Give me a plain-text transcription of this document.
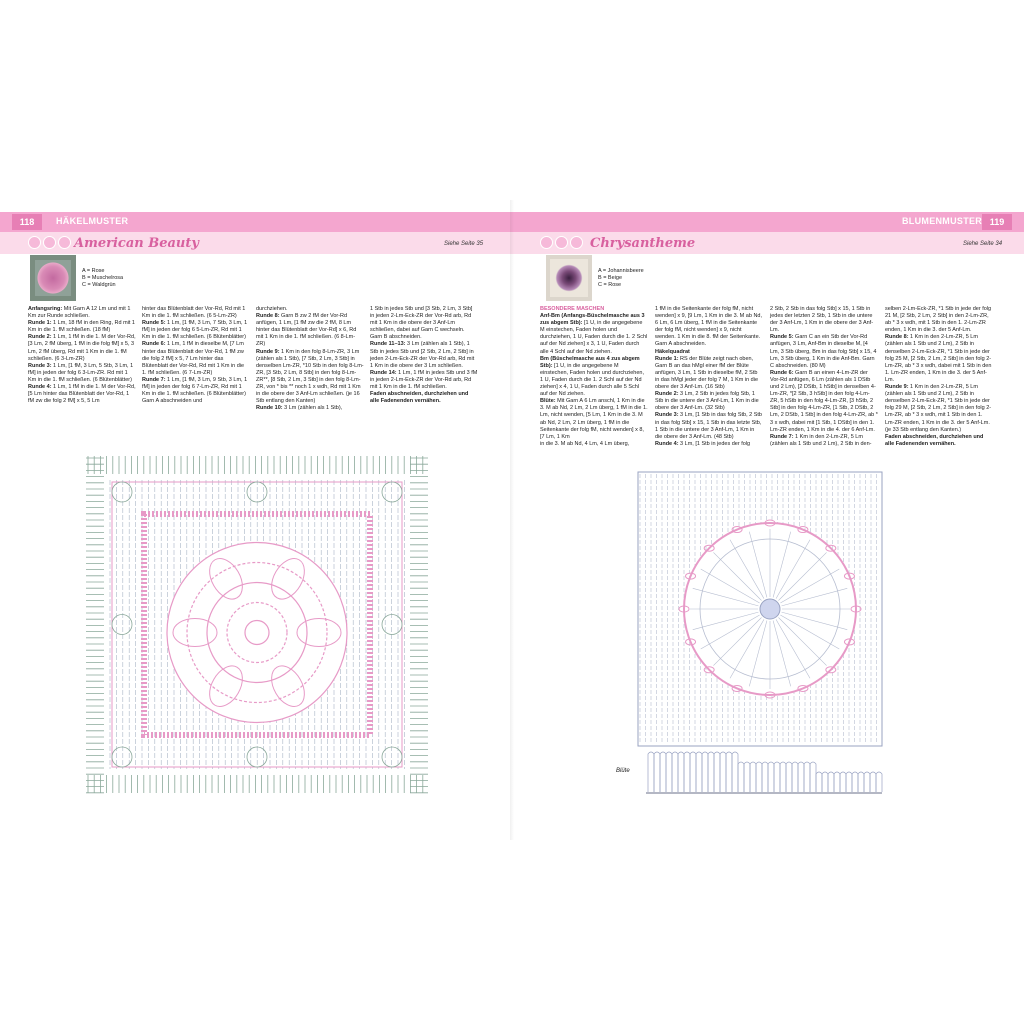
118	HÄKELMUSTER
American Beauty	Siehe Seite 35
BLUMENMUSTER 119
Chrysantheme	Siehe Seite 34
A = Rose
B = Muschelrosa
C = Waldgrün
A = Johannisbeere
B = Beige
C = Rose

Anfangsring: Mit Garn A 12 Lm und mit 1 Km zur Runde schließen.

Runde 1: 1 Lm, 18 fM in den Ring, Rd mit 1 Km in die 1. fM schließen. (18 fM)

Runde 2: 1 Lm, 1 fM in die 1. M der Vor-Rd, [3 Lm, 2 fM überg, 1 fM in die folg fM] x 5, 3 Lm, 2 fM überg, Rd mit 1 Km in die 1. fM schließen. (6 3-Lm-ZR)

Runde 3: 1 Lm, [1 fM, 3 Lm, 5 Stb, 3 Lm, 1 fM] in jeden der folg 6 3-Lm-ZR. Rd mit 1 Km in die 1. fM schließen. (6 Blütenblätter)

Runde 4: 1 Lm, 1 fM in die 1. M der Vor-Rd, [5 Lm hinter das Blütenblatt der Vor-Rd, 1 fM zw die folg 2 fM] x 5, 5 Lm

hinter das Blütenblatt der Vor-Rd, Rd mit 1 Km in die 1. fM schließen. (6 5-Lm-ZR)

Runde 5: 1 Lm, [1 fM, 3 Lm, 7 Stb, 3 Lm, 1 fM] in jeden der folg 6 5-Lm-ZR, Rd mit 1 Km in die 1. fM schließen. (6 Blütenblätter)

Runde 6: 1 Lm, 1 fM in dieselbe M, [7 Lm hinter das Blütenblatt der Vor-Rd, 1 fM zw die folg 2 fM] x 5, 7 Lm hinter das Blütenblatt der Vor-Rd, Rd mit 1 Km in die 1. fM schließen. (6 7-Lm-ZR)

Runde 7: 1 Lm, [1 fM, 3 Lm, 9 Stb, 3 Lm, 1 fM] in jeden der folg 6 7-Lm-ZR, Rd mit 1 Km in die 1. fM schließen. (6 Blütenblätter) Garn A abschneiden und

durchziehen.

Runde 8: Garn B zw 2 fM der Vor-Rd anfügen, 1 Lm, [1 fM zw die 2 fM, 8 Lm hinter das Blütenblatt der Vor-Rd] x 6, Rd mit 1 Km in die 1. fM schließen. (6 8-Lm-ZR)

Runde 9: 1 Km in den folg 8-Lm-ZR, 3 Lm (zählen als 1 Stb), [7 Stb, 2 Lm, 3 Stb] in denselben Lm-ZR, *10 Stb in den folg 8-Lm-ZR, [3 Stb, 2 Lm, 8 Stb] in den folg 8-Lm-ZR**, [8 Stb, 2 Lm, 3 Stb] in den folg 8-Lm-ZR, von * bis ** noch 1 x wdh, Rd mit 1 Km in die obere der 3 Anf-Lm schließen. (je 16 Stb entlang den Kanten)

Runde 10: 3 Lm (zählen als 1 Stb),

1 Stb in jedes Stb und [3 Stb, 2 Lm, 3 Stb] in jeden 2-Lm-Eck-ZR der Vor-Rd arb, Rd mit 1 Km in die obere der 3 Anf-Lm schließen, dabei auf Garn C wechseln. Garn B abschneiden.

Runde 11–13: 3 Lm (zählen als 1 Stb), 1 Stb in jedes Stb und [2 Stb, 2 Lm, 2 Stb] in jeden 2-Lm-Eck-ZR der Vor-Rd arb, Rd mit 1 Km in die obere der 3 Lm schließen.

Runde 14: 1 Lm, 1 fM in jedes Stb und 3 fM in jeden 2-Lm-Eck-ZR der Vor-Rd arb, Rd mit 1 Km in die 1. fM schließen.

Faden abschneiden, durchziehen und alle Fadenenden vernähen.

BESONDERE MASCHEN

Anf-Bm (Anfangs-Büschelmasche aus 3 zus abgem Stb): [1 U, in die angegebene M einstechen, Faden holen und durchziehen, 1 U, Faden durch die 1. 2 Schl auf der Nd ziehen] x 3, 1 U, Faden durch alle 4 Schl auf der Nd ziehen.

Bm (Büschelmasche aus 4 zus abgem Stb): [1 U, in die angegebene M einstechen, Faden holen und durchziehen, 1 U, Faden durch die 1. 2 Schl auf der Nd ziehen] x 4, 1 U, Faden durch alle 5 Schl auf der Nd ziehen.

Blüte: Mit Garn A 6 Lm anschl, 1 Km in die 3. M ab Nd, 2 Lm, 2 Lm überg, 1 fM in die 1. Lm, nicht wenden, [5 Lm, 1 Km in die 3. M ab Nd, 2 Lm, 2 Lm überg, 1 fM in die Seitenkante der folg fM, nicht wenden] x 8, [7 Lm, 1 Km

in die 3. M ab Nd, 4 Lm, 4 Lm überg,

1 fM in die Seitenkante der folg fM, nicht wenden] x 9, [9 Lm, 1 Km in die 3. M ab Nd, 6 Lm, 6 Lm überg, 1 fM in die Seitenkante der folg fM, nicht wenden] x 9, nicht wenden. 1 Km in die 8. fM der Seitenkante. Garn A abschneiden.

Häkelquadrat

Runde 1: RS der Blüte zeigt nach oben, Garn B an das hMgl einer fM der Blüte anfügen, 3 Lm, 1 Stb in dieselbe fM, 2 Stb in das hMgl jeder der folg 7 M, 1 Km in die obere der 3 Anf-Lm. (16 Stb)

Runde 2: 3 Lm, 2 Stb in jedes folg Stb, 1 Stb in die untere der 3 Anf-Lm, 1 Km in die obere der 3 Anf-Lm. (32 Stb)

Runde 3: 3 Lm, [1 Stb in das folg Stb, 2 Stb in das folg Stb] x 15, 1 Stb in das letzte Stb, 1 Stb in die untere der 3 Anf-Lm, 1 Km in die obere der 3 Anf-Lm. (48 Stb)

Runde 4: 3 Lm, [1 Stb in jedes der folg

2 Stb, 2 Stb in das folg Stb] x 15, 1 Stb in jedes der letzten 2 Stb, 1 Stb in die untere der 3 Anf-Lm, 1 Km in die obere der 3 Anf-Lm.

Runde 5: Garn C an ein Stb der Vor-Rd anfügen, 3 Lm, Anf-Bm in dieselbe M, [4 Lm, 3 Stb überg, Bm in das folg Stb] x 15, 4 Lm, 3 Stb überg, 1 Km in die Anf-Bm. Garn C abschneiden. (80 M)

Runde 6: Garn B an einen 4-Lm-ZR der Vor-Rd anfügen, 6 Lm (zählen als 1 DStb und 2 Lm), [2 DStb, 1 hStb] in denselben 4-Lm-ZR, *[2 Stb, 3 hStb] in den folg 4-Lm-ZR, 5 hStb in den folg 4-Lm-ZR, [3 hStb, 2 Stb] in den folg 4-Lm-ZR, [1 Stb, 2 DStb, 2 Lm, 2 DStb, 1 Stb] in den folg 4-Lm-ZR, ab * 3 x wdh, dabei mit [1 Stb, 1 DStb] in den 1. Lm-ZR enden, 1 Km in die 4. der 6 Anf-Lm.

Runde 7: 1 Km in den 2-Lm-ZR, 5 Lm (zählen als 1 Stb und 2 Lm), 2 Stb in den-

selben 2-Lm-Eck-ZR, *1 Stb in jede der folg 21 M, [2 Stb, 2 Lm, 2 Stb] in den 2-Lm-ZR, ab * 3 x wdh, mit 1 Stb in den 1. 2-Lm-ZR enden, 1 Km in die 3. der 5 Anf-Lm.

Runde 8: 1 Km in den 2-Lm-ZR, 5 Lm (zählen als 1 Stb und 2 Lm), 2 Stb in denselben 2-Lm-Eck-ZR, *1 Stb in jede der folg 25 M, [2 Stb, 2 Lm, 2 Stb] in den folg 2-Lm-ZR, ab * 3 x wdh, dabei mit 1 Stb in den 1. Lm-ZR enden, 1 Km in die 3. der 5 Anf-Lm.

Runde 9: 1 Km in den 2-Lm-ZR, 5 Lm (zählen als 1 Stb und 2 Lm), 2 Stb in denselben 2-Lm-Eck-ZR, *1 Stb in jede der folg 29 M, [2 Stb, 2 Lm, 2 Stb] in den folg 2-Lm-ZR, ab * 3 x wdh, mit 1 Stb in den 1. Lm-ZR enden, 1 Km in die 3. der 5 Anf-Lm. (je 33 Stb entlang den Kanten.)

Faden abschneiden, durchziehen und alle Fadenenden vernähen.

Blüte
